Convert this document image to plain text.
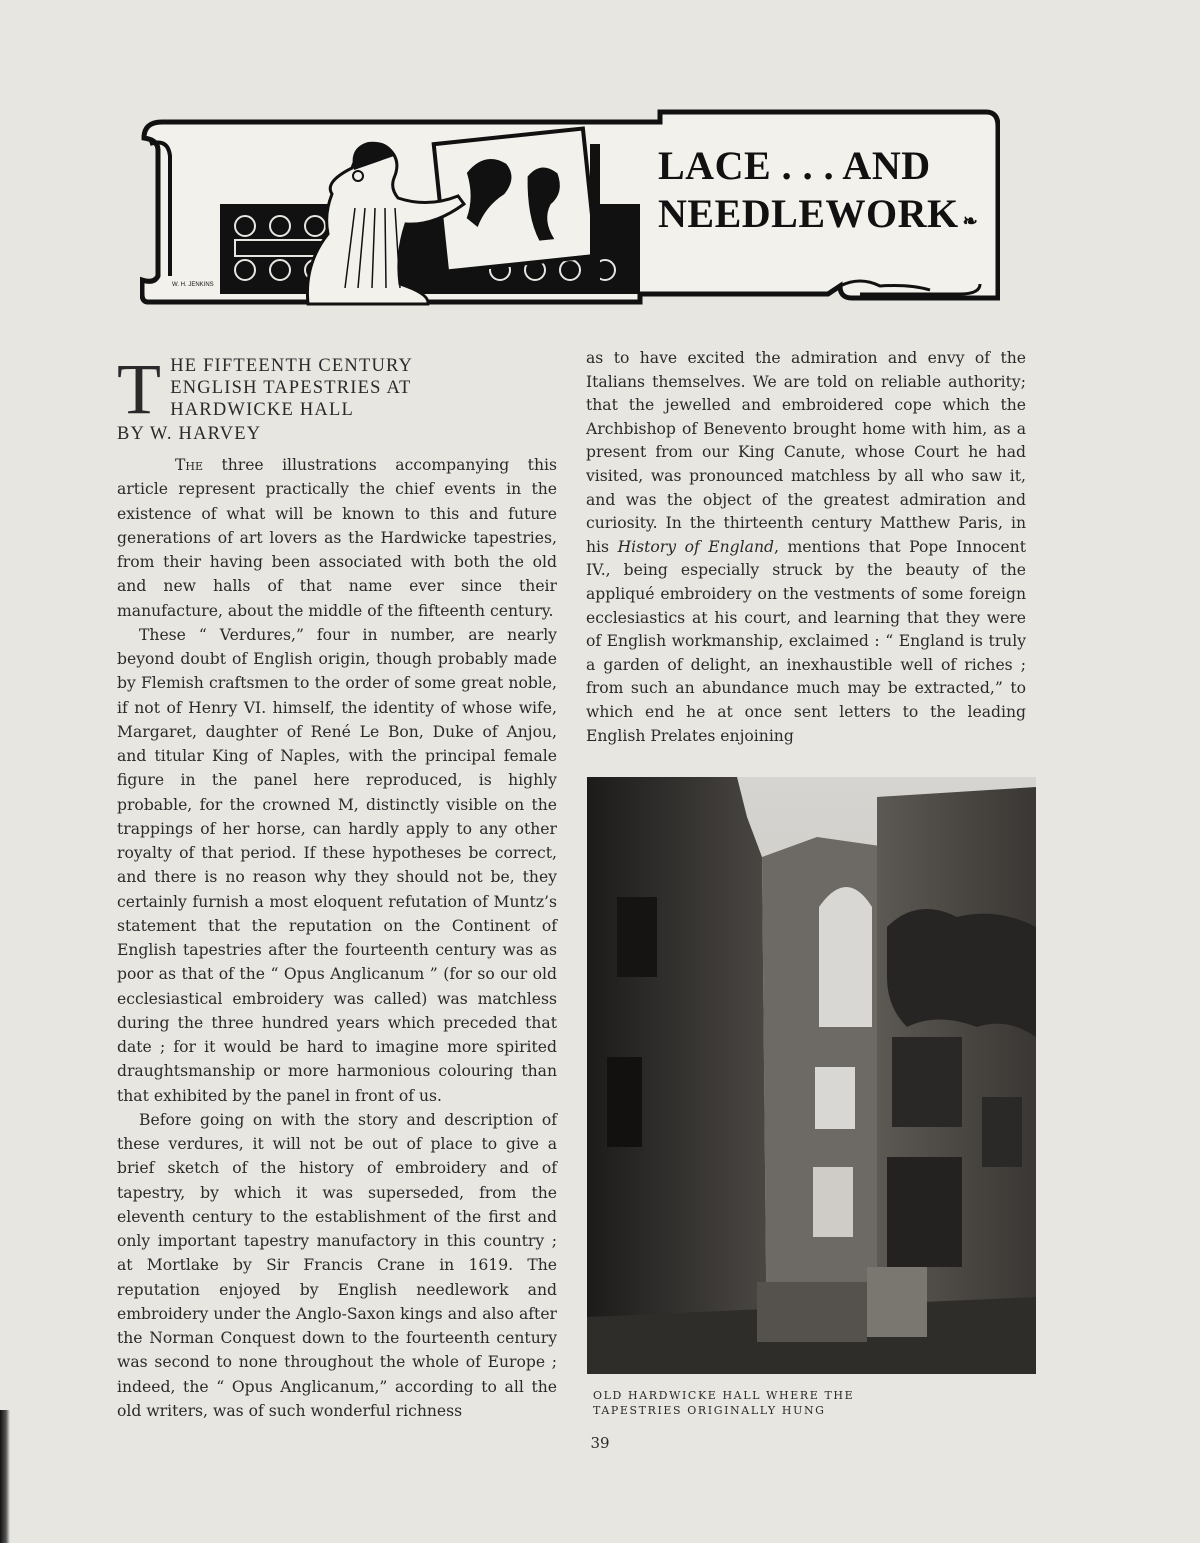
W. H. JENKINS
LACE . . . AND
NEEDLEWORK ❧
T HE FIFTEENTH CENTURY
ENGLISH TAPESTRIES AT
HARDWICKE HALL
BY W. HARVEY

The three illustrations accompanying this article represent practically the chief events in the existence of what will be known to this and future generations of art lovers as the Hardwicke tapestries, from their having been associated with both the old and new halls of that name ever since their manufacture, about the middle of the fifteenth century.

These “ Verdures,” four in number, are nearly beyond doubt of English origin, though probably made by Flemish craftsmen to the order of some great noble, if not of Henry VI. himself, the identity of whose wife, Margaret, daughter of René Le Bon, Duke of Anjou, and titular King of Naples, with the principal female figure in the panel here reproduced, is highly probable, for the crowned M, distinctly visible on the trappings of her horse, can hardly apply to any other royalty of that period. If these hypotheses be correct, and there is no reason why they should not be, they certainly furnish a most eloquent refutation of Muntz’s statement that the reputation on the Continent of English tapestries after the fourteenth century was as poor as that of the “ Opus Anglicanum ” (for so our old ecclesiastical embroidery was called) was matchless during the three hundred years which preceded that date ; for it would be hard to imagine more spirited draughtsmanship or more harmonious colouring than that exhibited by the panel in front of us.

Before going on with the story and description of these verdures, it will not be out of place to give a brief sketch of the history of embroidery and of tapestry, by which it was superseded, from the eleventh century to the establishment of the first and only important tapestry manufactory in this country ; at Mortlake by Sir Francis Crane in 1619. The reputation enjoyed by English needlework and embroidery under the Anglo-Saxon kings and also after the Norman Conquest down to the fourteenth century was second to none throughout the whole of Europe ; indeed, the “ Opus Anglicanum,” according to all the old writers, was of such wonderful richness

as to have excited the admiration and envy of the Italians themselves. We are told on reliable authority; that the jewelled and embroidered cope which the Archbishop of Benevento brought home with him, as a present from our King Canute, whose Court he had visited, was pronounced matchless by all who saw it, and was the object of the greatest admiration and curiosity. In the thirteenth century Matthew Paris, in his History of England, mentions that Pope Innocent IV., being especially struck by the beauty of the appliqué embroidery on the vestments of some foreign ecclesiastics at his court, and learning that they were of English workmanship, exclaimed : “ England is truly a garden of delight, an inexhaustible well of riches ; from such an abundance much may be extracted,” to which end he at once sent letters to the leading English Prelates enjoining

OLD HARDWICKE HALL WHERE THE
TAPESTRIES ORIGINALLY HUNG
39
